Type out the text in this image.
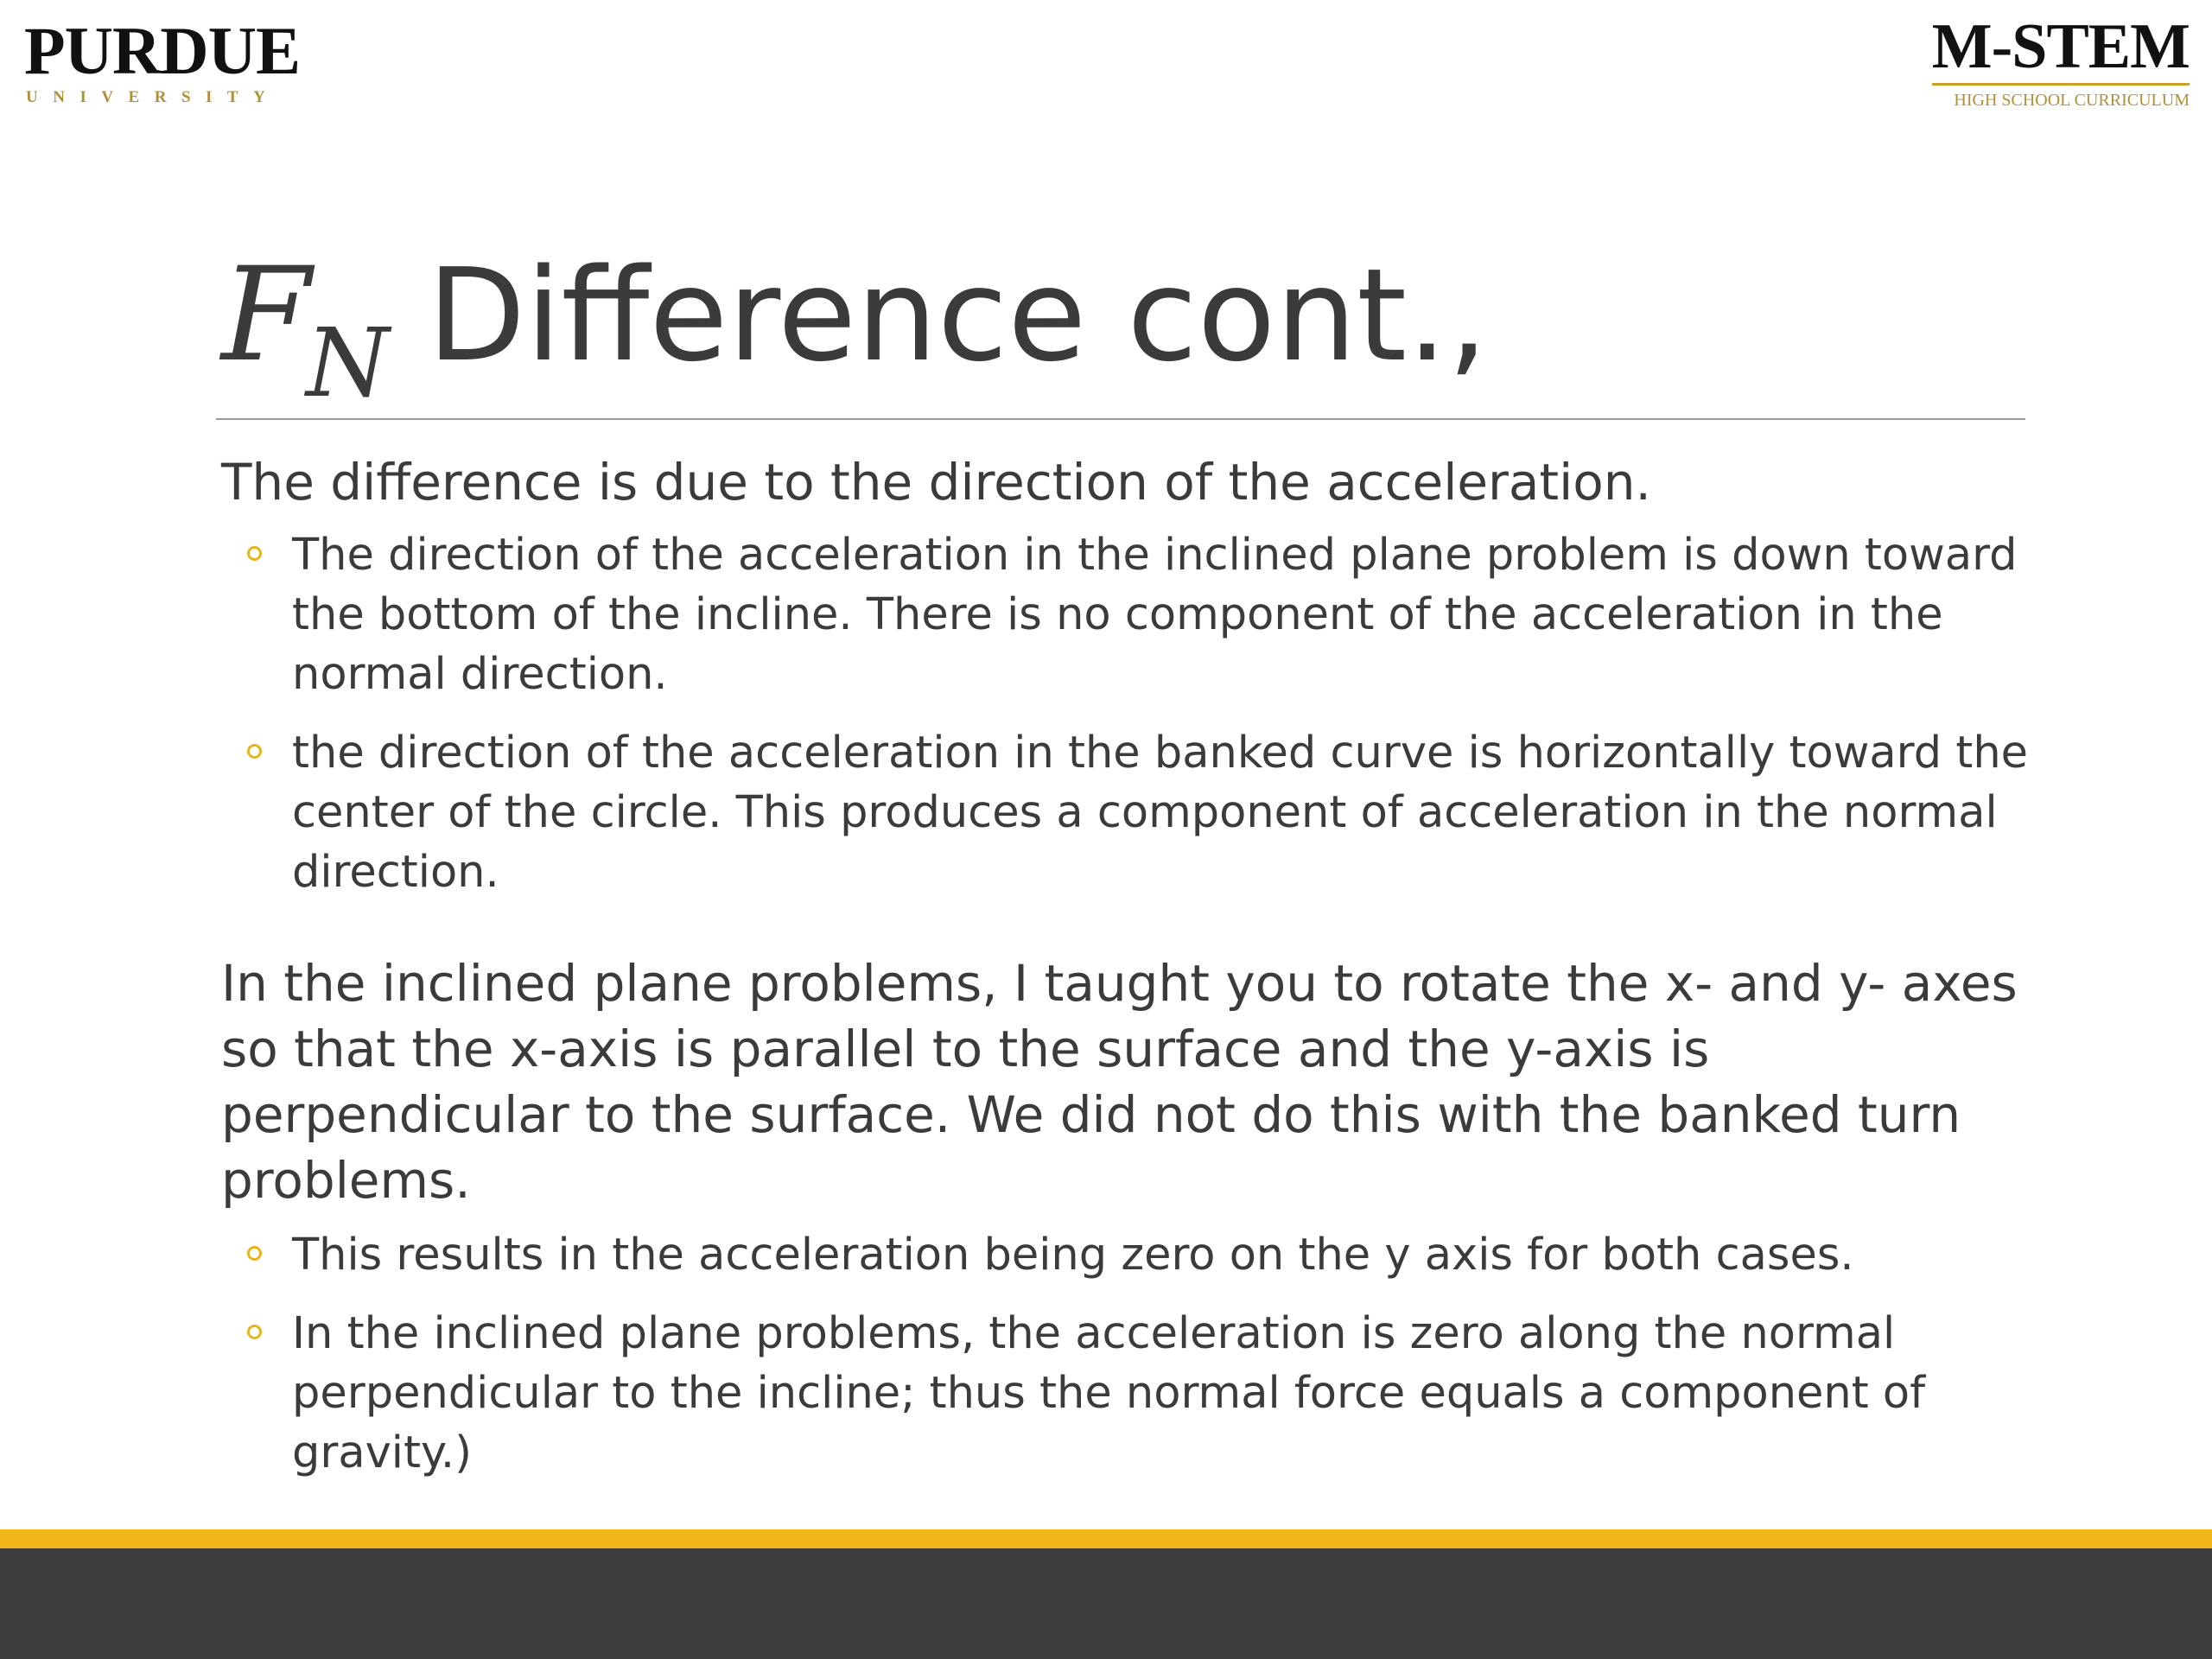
PURDUE
UNIVERSITY
M-STEM
HIGH SCHOOL CURRICULUM
$F_N$ Difference cont.,

The difference is due to the direction of the acceleration.

The direction of the acceleration in the inclined plane problem is down toward the bottom of the incline. There is no component of the acceleration in the normal direction.
the direction of the acceleration in the banked curve is horizontally toward the center of the circle. This produces a component of acceleration in the normal direction.

In the inclined plane problems, I taught you to rotate the x- and y- axes so that the x-axis is parallel to the surface and the y-axis is perpendicular to the surface. We did not do this with the banked turn problems.

This results in the acceleration being zero on the y axis for both cases.
In the inclined plane problems, the acceleration is zero along the normal perpendicular to the incline; thus the normal force equals a component of gravity.)
